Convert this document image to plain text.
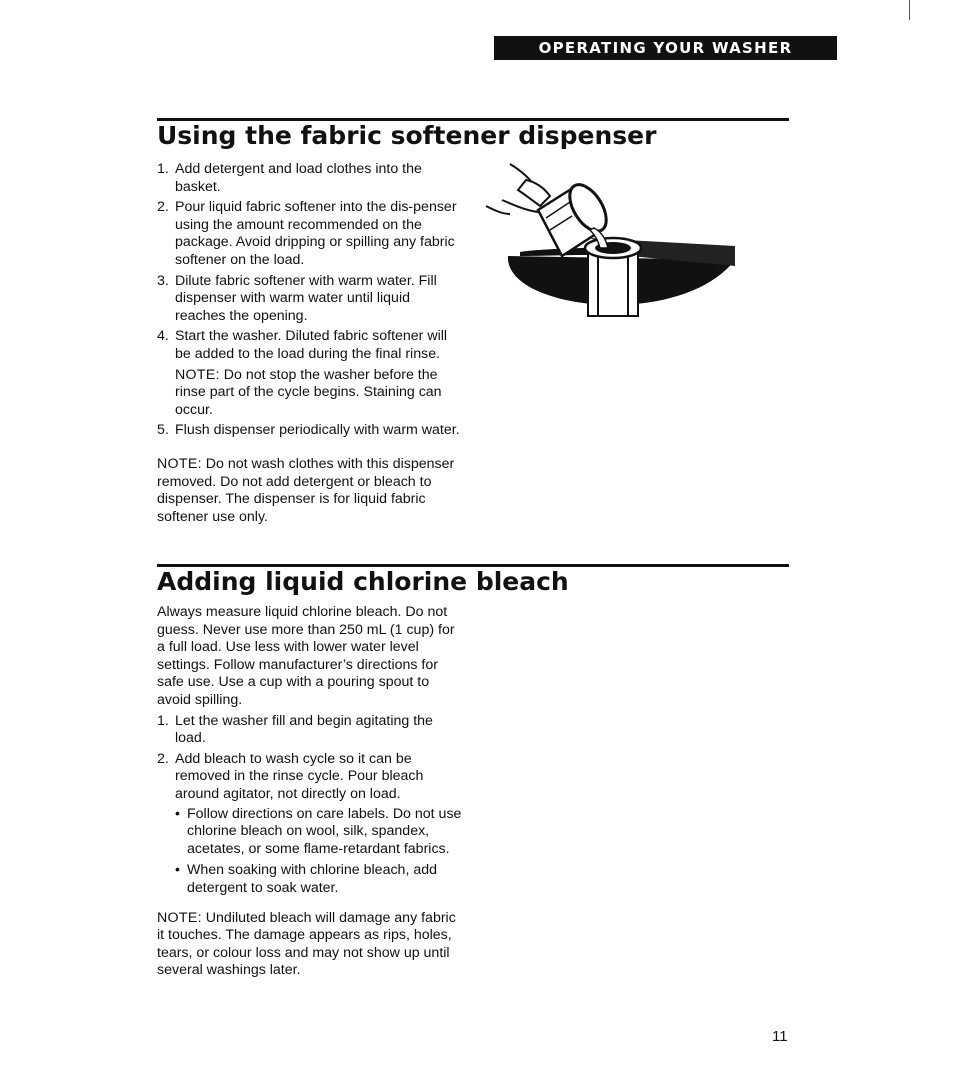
OPERATING YOUR WASHER
Using the fabric softener dispenser
1. Add detergent and load clothes into the basket.
2. Pour liquid fabric softener into the dis-penser using the amount recommended on the package. Avoid dripping or spilling any fabric softener on the load.
3. Dilute fabric softener with warm water. Fill dispenser with warm water until liquid reaches the opening.
4. Start the washer. Diluted fabric softener will be added to the load during the final rinse.
NOTE: Do not stop the washer before the rinse part of the cycle begins. Staining can occur.
5. Flush dispenser periodically with warm water.

NOTE: Do not wash clothes with this dispenser removed. Do not add detergent or bleach to dispenser. The dispenser is for liquid fabric softener use only.

Adding liquid chlorine bleach

Always measure liquid chlorine bleach. Do not guess. Never use more than 250 mL (1 cup) for a full load. Use less with lower water level settings. Follow manufacturer’s directions for safe use. Use a cup with a pouring spout to avoid spilling.

1. Let the washer fill and begin agitating the load.
2. Add bleach to wash cycle so it can be removed in the rinse cycle. Pour bleach around agitator, not directly on load.
• Follow directions on care labels. Do not use chlorine bleach on wool, silk, spandex, acetates, or some flame-retardant fabrics.
• When soaking with chlorine bleach, add detergent to soak water.

NOTE: Undiluted bleach will damage any fabric it touches. The damage appears as rips, holes, tears, or colour loss and may not show up until several washings later.

11
